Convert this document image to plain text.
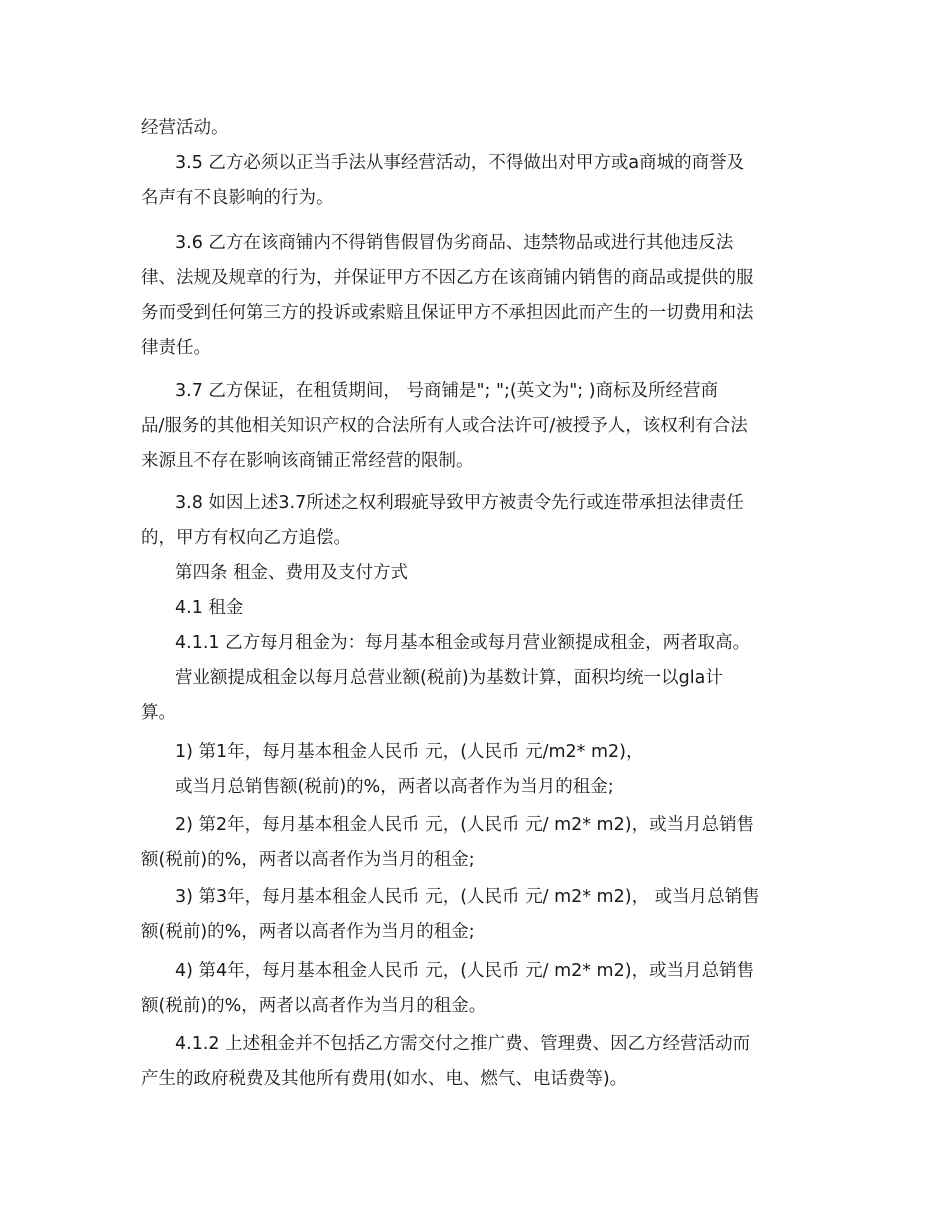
经营活动。

3.5 乙方必须以正当手法从事经营活动，不得做出对甲方或a商城的商誉及

名声有不良影响的行为。

3.6 乙方在该商铺内不得销售假冒伪劣商品、违禁物品或进行其他违反法

律、法规及规章的行为，并保证甲方不因乙方在该商铺内销售的商品或提供的服

务而受到任何第三方的投诉或索赔且保证甲方不承担因此而产生的一切费用和法

律责任。

3.7 乙方保证，在租赁期间， 号商铺是"; ";(英文为"; )商标及所经营商

品/服务的其他相关知识产权的合法所有人或合法许可/被授予人，该权利有合法

来源且不存在影响该商铺正常经营的限制。

3.8 如因上述3.7所述之权利瑕疵导致甲方被责令先行或连带承担法律责任

的，甲方有权向乙方追偿。

第四条 租金、费用及支付方式

4.1 租金

4.1.1 乙方每月租金为：每月基本租金或每月营业额提成租金，两者取高。

营业额提成租金以每月总营业额(税前)为基数计算，面积均统一以gla计

算。

1) 第1年，每月基本租金人民币 元，(人民币 元/m2* m2)，

或当月总销售额(税前)的%，两者以高者作为当月的租金;

2) 第2年，每月基本租金人民币 元，(人民币 元/ m2* m2)，或当月总销售

额(税前)的%，两者以高者作为当月的租金;

3) 第3年，每月基本租金人民币 元，(人民币 元/ m2* m2)， 或当月总销售

额(税前)的%，两者以高者作为当月的租金;

4) 第4年，每月基本租金人民币 元，(人民币 元/ m2* m2)，或当月总销售

额(税前)的%，两者以高者作为当月的租金。

4.1.2 上述租金并不包括乙方需交付之推广费、管理费、因乙方经营活动而

产生的政府税费及其他所有费用(如水、电、燃气、电话费等)。
